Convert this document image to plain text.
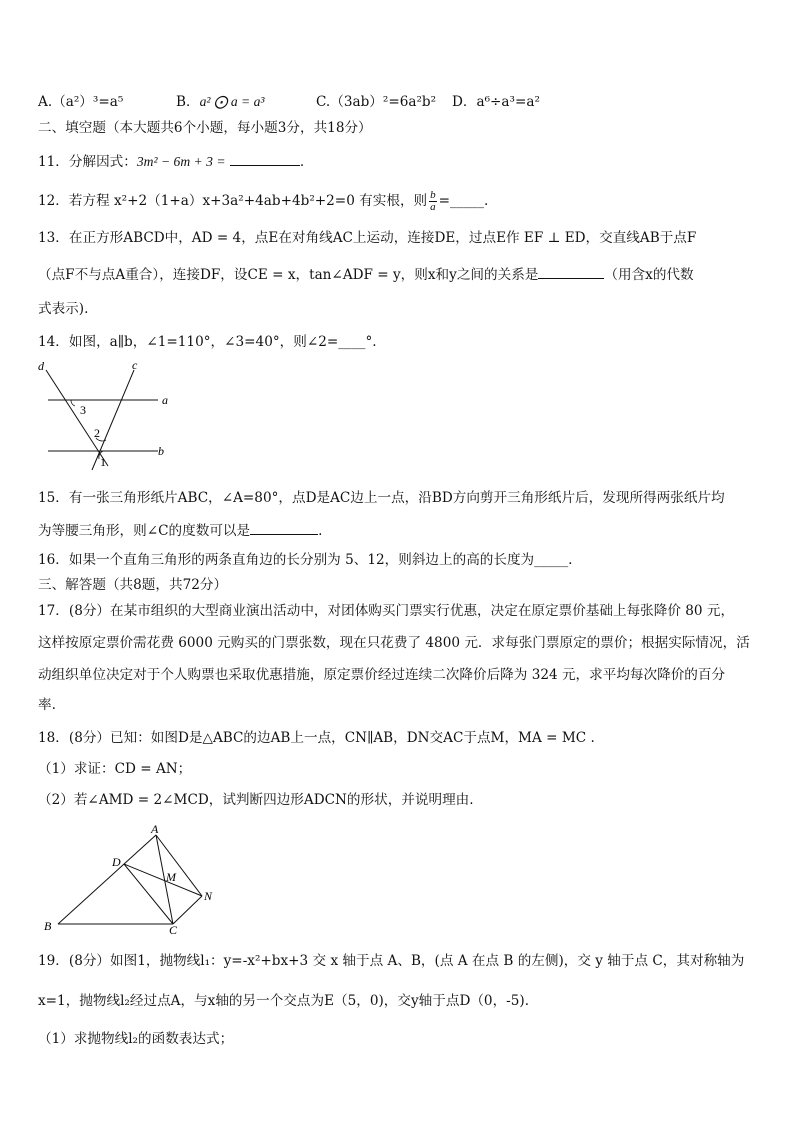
A.（a²）³=a⁵	B．a² ⨀ a = a³	C.（3ab）²=6a²b² D．a⁶÷a³=a²
二、填空题（本大题共6个小题，每小题3分，共18分）
11．分解因式：3m² − 6m + 3 =	.
12．若方程 x²+2（1+a）x+3a²+4ab+4b²+2=0 有实根，则 $\frac{b}{a}$ =_____.
13．在正方形ABCD中，AD = 4，点E在对角线AC上运动，连接DE，过点E作 EF ⊥ ED，交直线AB于点F
（点F不与点A重合），连接DF，设CE = x，tan∠ADF = y，则x和y之间的关系是	（用含x的代数
式表示).
14．如图，a∥b，∠1=110°，∠3=40°，则∠2=____°.
d	c
a
b
3
2
1
15．有一张三角形纸片ABC，∠A=80°，点D是AC边上一点，沿BD方向剪开三角形纸片后，发现所得两张纸片均
为等腰三角形，则∠C的度数可以是	.
16．如果一个直角三角形的两条直角边的长分别为 5、12，则斜边上的高的长度为_____.
三、解答题（共8题，共72分）
17．(8分）在某市组织的大型商业演出活动中，对团体购买门票实行优惠，决定在原定票价基础上每张降价 80 元，
这样按原定票价需花费 6000 元购买的门票张数，现在只花费了 4800 元．求每张门票原定的票价；根据实际情况，活
动组织单位决定对于个人购票也采取优惠措施，原定票价经过连续二次降价后降为 324 元，求平均每次降价的百分
率.
18．(8分）已知：如图D是△ABC的边AB上一点，CN∥AB，DN交AC于点M，MA = MC .
（1）求证：CD = AN；
（2）若∠AMD = 2∠MCD，试判断四边形ADCN的形状，并说明理由.
A
D
M
N
B	C
19．(8分）如图1，抛物线l₁：y=-x²+bx+3 交 x 轴于点 A、B，(点 A 在点 B 的左侧)，交 y 轴于点 C，其对称轴为
x=1，抛物线l₂经过点A，与x轴的另一个交点为E（5，0)，交y轴于点D（0，-5).
（1）求抛物线l₂的函数表达式；
